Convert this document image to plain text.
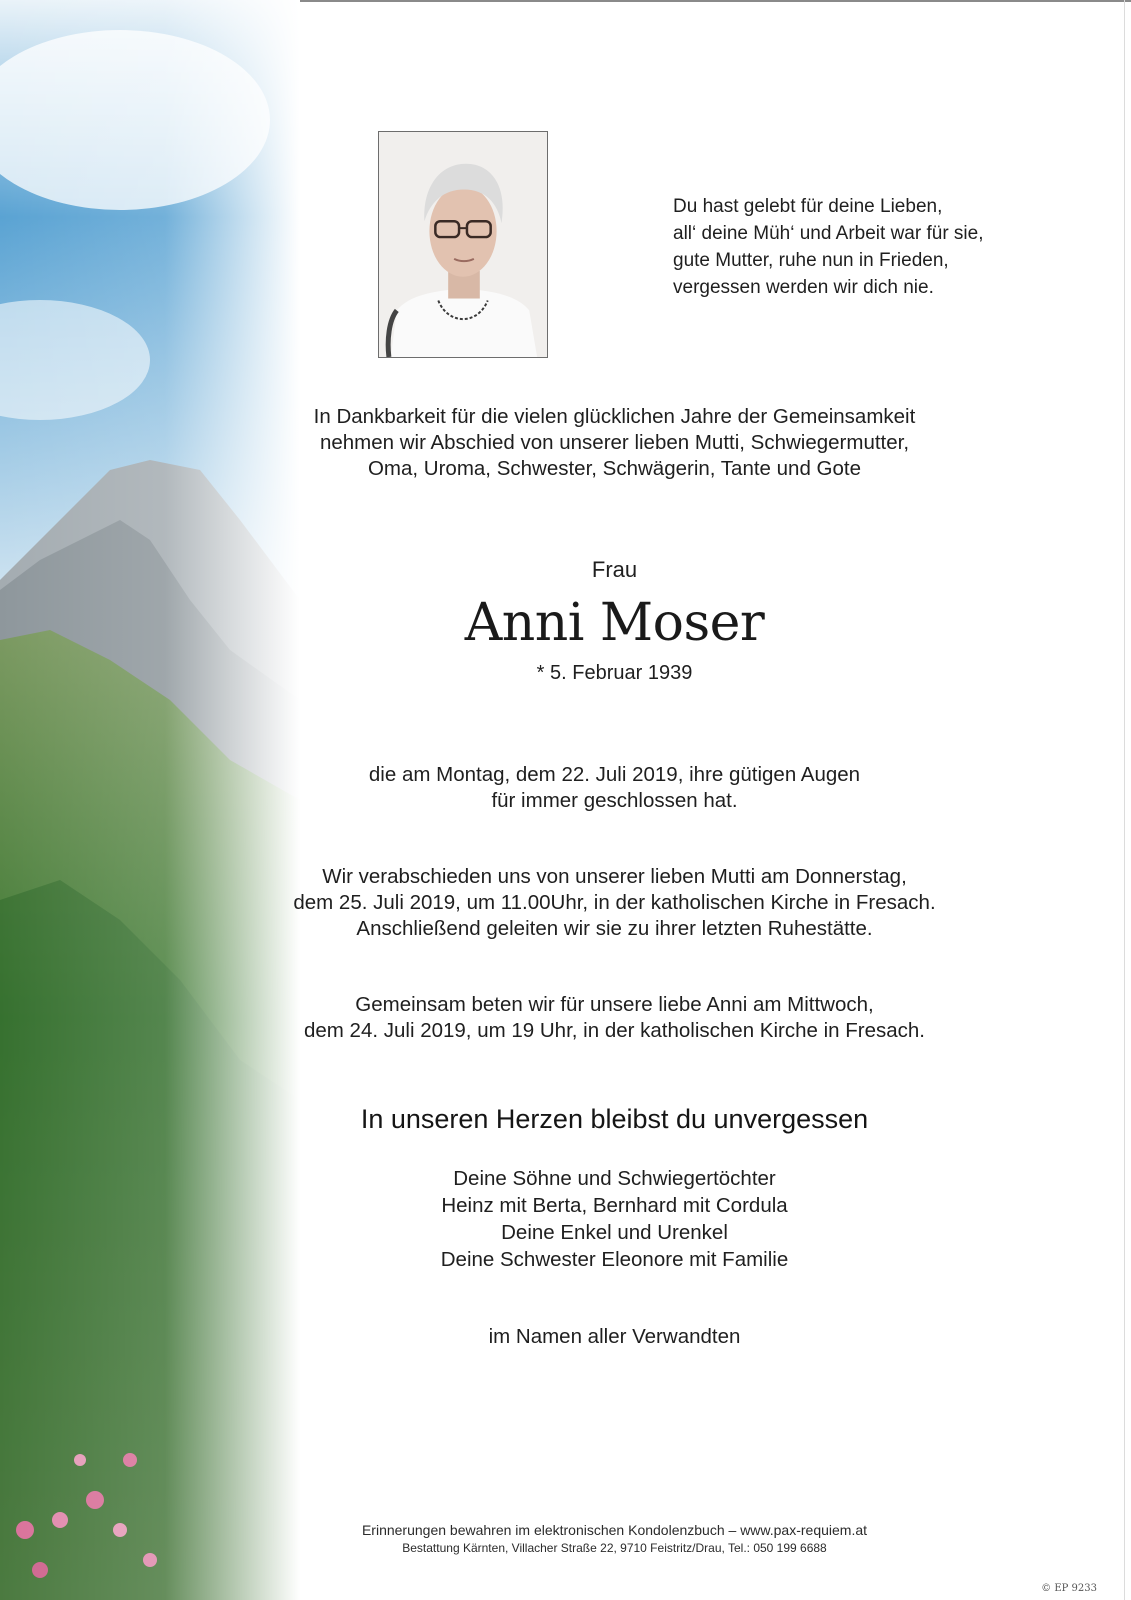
Du hast gelebt für deine Lieben,
all‘ deine Müh‘ und Arbeit war für sie,
gute Mutter, ruhe nun in Frieden,
vergessen werden wir dich nie.
In Dankbarkeit für die vielen glücklichen Jahre der Gemeinsamkeit
nehmen wir Abschied von unserer lieben Mutti, Schwiegermutter,
Oma, Uroma, Schwester, Schwägerin, Tante und Gote
Frau
Anni Moser
* 5. Februar 1939
die am Montag, dem 22. Juli 2019, ihre gütigen Augen
für immer geschlossen hat.
Wir verabschieden uns von unserer lieben Mutti am Donnerstag,
dem 25. Juli 2019, um 11.00Uhr, in der katholischen Kirche in Fresach.
Anschließend geleiten wir sie zu ihrer letzten Ruhestätte.
Gemeinsam beten wir für unsere liebe Anni am Mittwoch,
dem 24. Juli 2019, um 19 Uhr, in der katholischen Kirche in Fresach.
In unseren Herzen bleibst du unvergessen
Deine Söhne und Schwiegertöchter
Heinz mit Berta, Bernhard mit Cordula
Deine Enkel und Urenkel
Deine Schwester Eleonore mit Familie
im Namen aller Verwandten
Erinnerungen bewahren im elektronischen Kondolenzbuch – www.pax-requiem.at
Bestattung Kärnten, Villacher Straße 22, 9710 Feistritz/Drau, Tel.: 050 199 6688
© EP 9233
